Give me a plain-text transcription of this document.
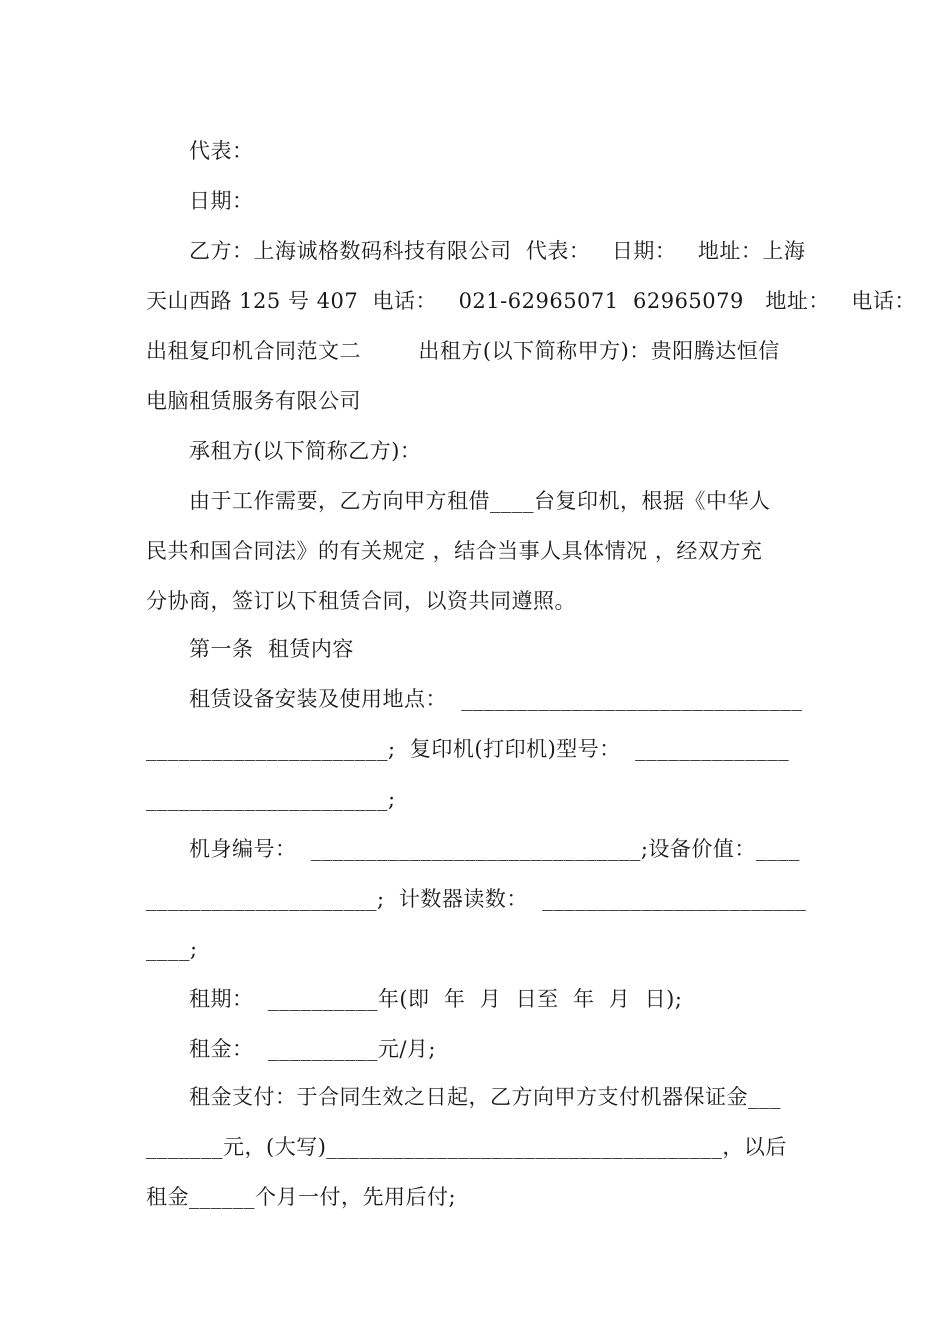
代表：
日期：
乙方：上海诚格数码科技有限公司  代表：   日期：   地址：上海
天山西路 125 号 407  电话：   021-62965071  62965079   地址：   电话：
出租复印机合同范文二        出租方(以下简称甲方)：贵阳腾达恒信
电脑租赁服务有限公司
承租方(以下简称乙方)：
由于工作需要，乙方向甲方租借____台复印机，根据《中华人
民共和国合同法》的有关规定 ，结合当事人具体情况 ，经双方充
分协商，签订以下租赁合同，以资共同遵照。
第一条  租赁内容
租赁设备安装及使用地点：  _______________________________
______________________;  复印机(打印机)型号：  ______________
______________________;
机身编号：  ______________________________;设备价值：____
_____________________;  计数器读数：  ________________________
____;
租期：  __________年(即  年  月  日至  年  月  日);
租金：  __________元/月;
租金支付：于合同生效之日起，乙方向甲方支付机器保证金___
_______元，(大写)____________________________________，以后
租金______个月一付，先用后付;
